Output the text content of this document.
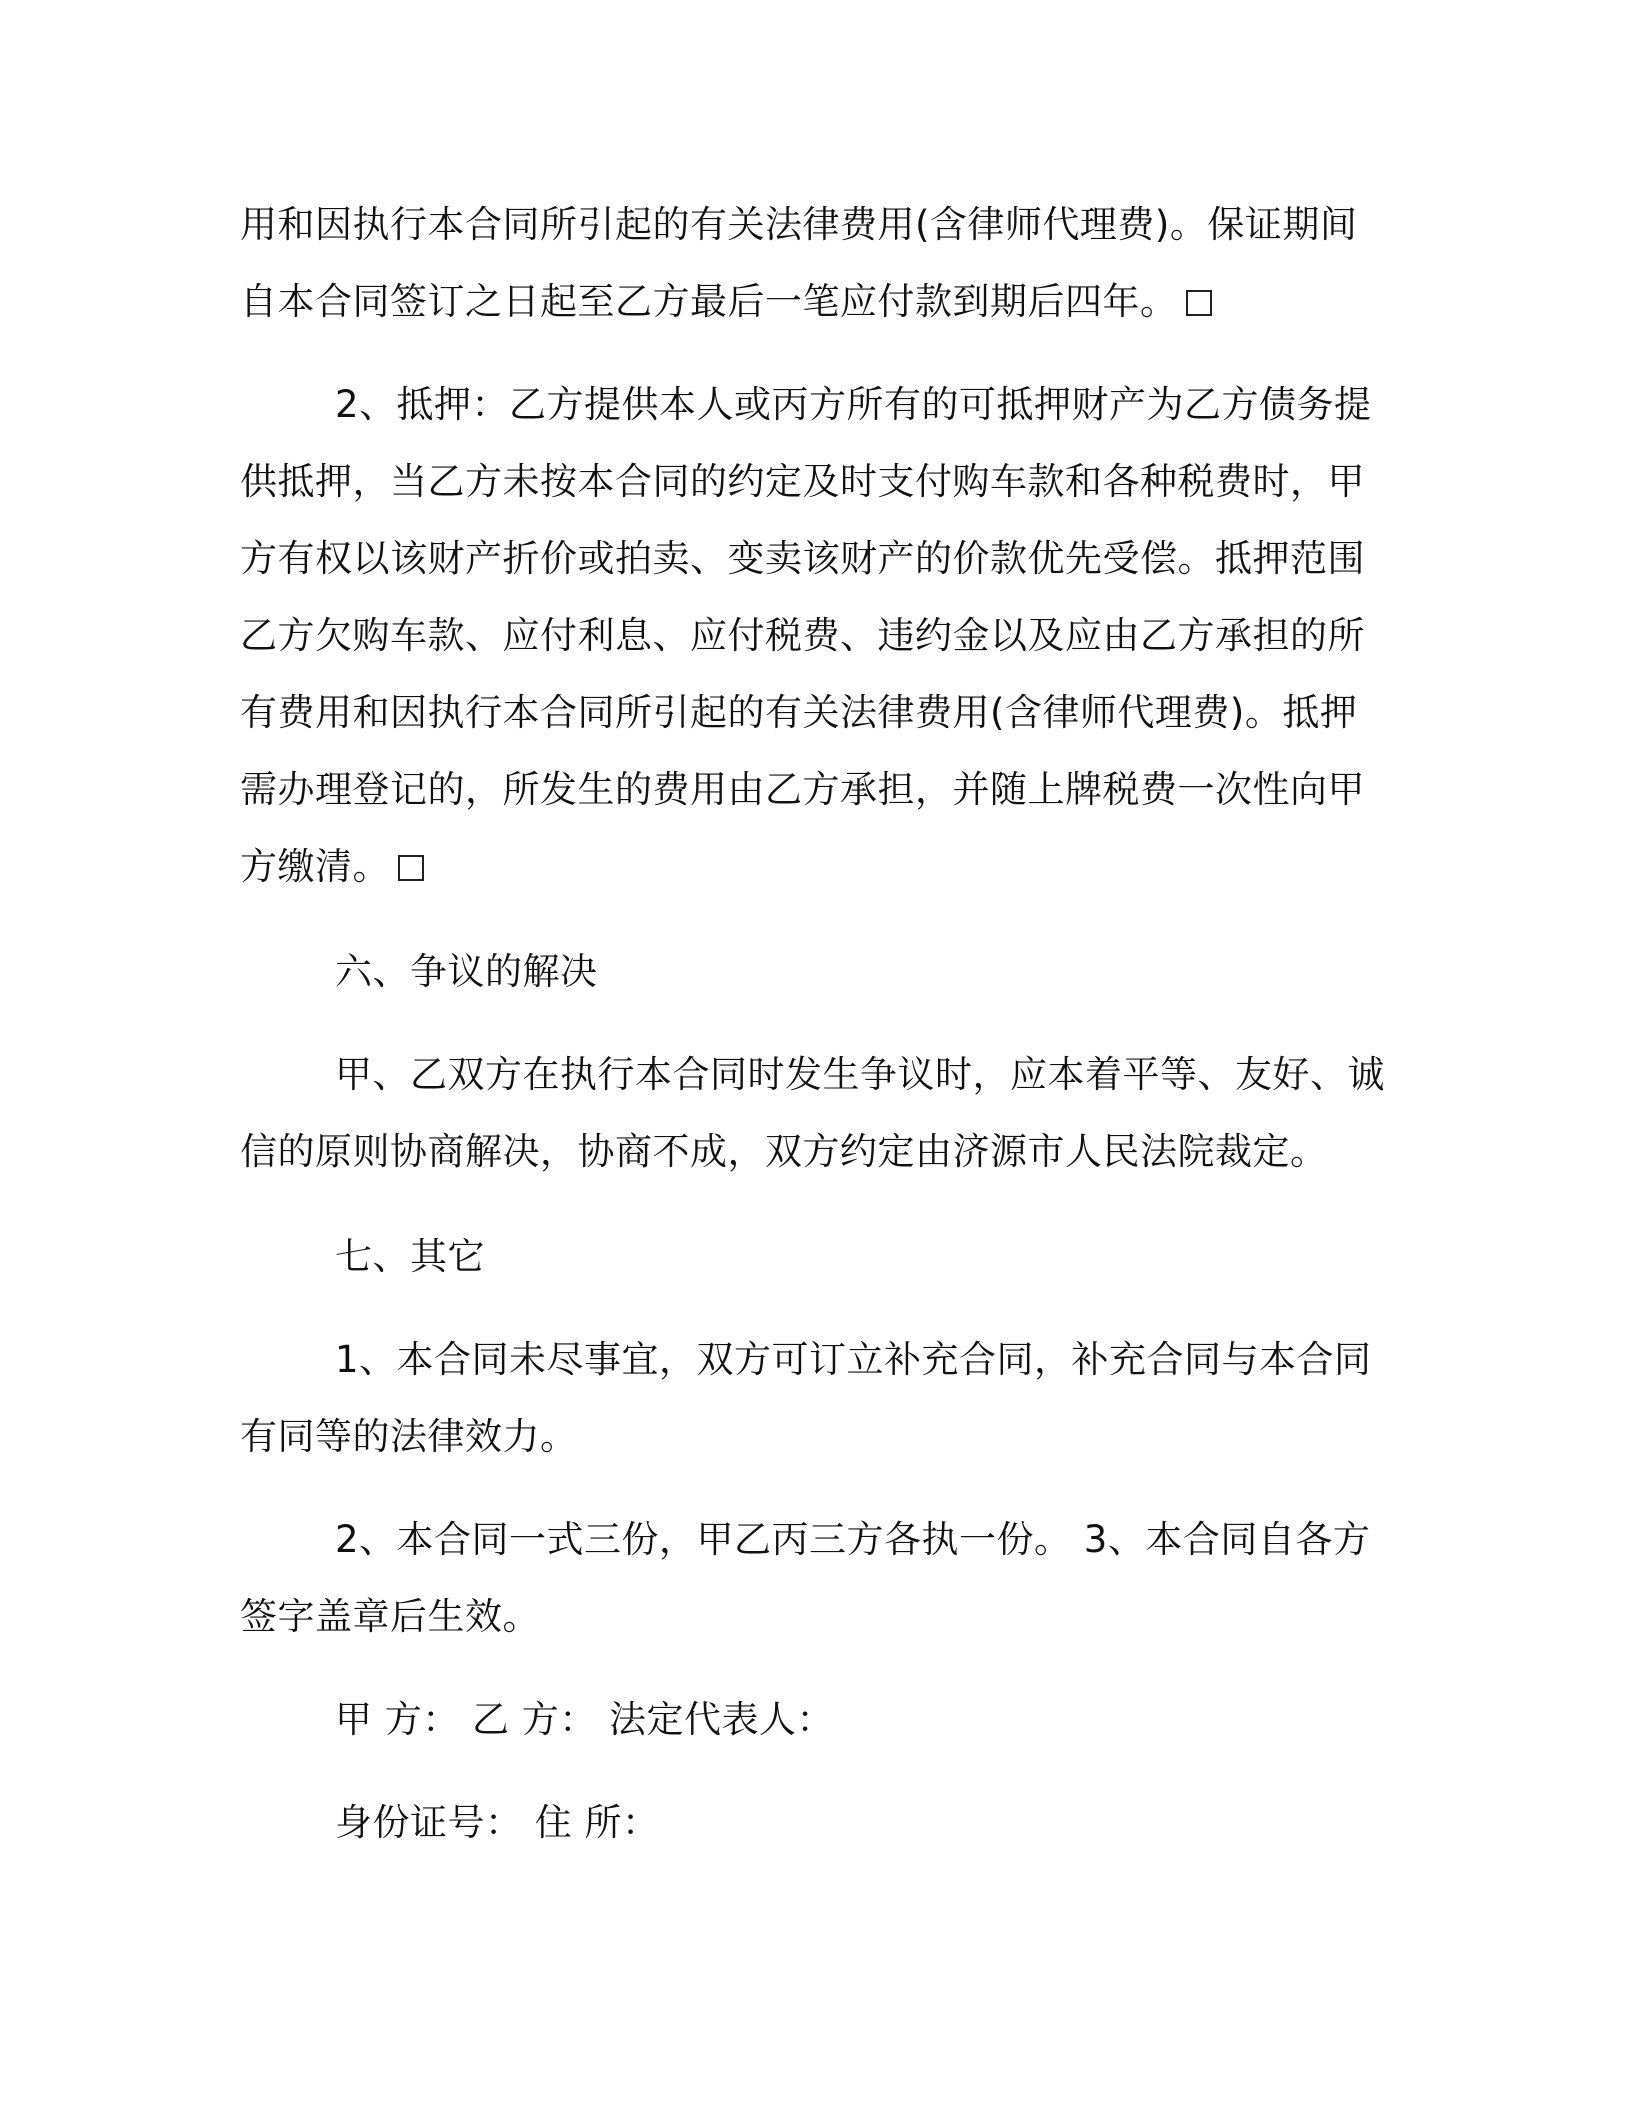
用和因执行本合同所引起的有关法律费用(含律师代理费)。保证期间自本合同签订之日起至乙方最后一笔应付款到期后四年。

2、抵押：乙方提供本人或丙方所有的可抵押财产为乙方债务提供抵押，当乙方未按本合同的约定及时支付购车款和各种税费时，甲方有权以该财产折价或拍卖、变卖该财产的价款优先受偿。抵押范围乙方欠购车款、应付利息、应付税费、违约金以及应由乙方承担的所有费用和因执行本合同所引起的有关法律费用(含律师代理费)。抵押需办理登记的，所发生的费用由乙方承担，并随上牌税费一次性向甲方缴清。

六、争议的解决

甲、乙双方在执行本合同时发生争议时，应本着平等、友好、诚信的原则协商解决，协商不成，双方约定由济源市人民法院裁定。

七、其它

1、本合同未尽事宜，双方可订立补充合同，补充合同与本合同有同等的法律效力。

2、本合同一式三份，甲乙丙三方各执一份。 3、本合同自各方签字盖章后生效。

甲 方： 乙 方： 法定代表人：

身份证号： 住 所：
